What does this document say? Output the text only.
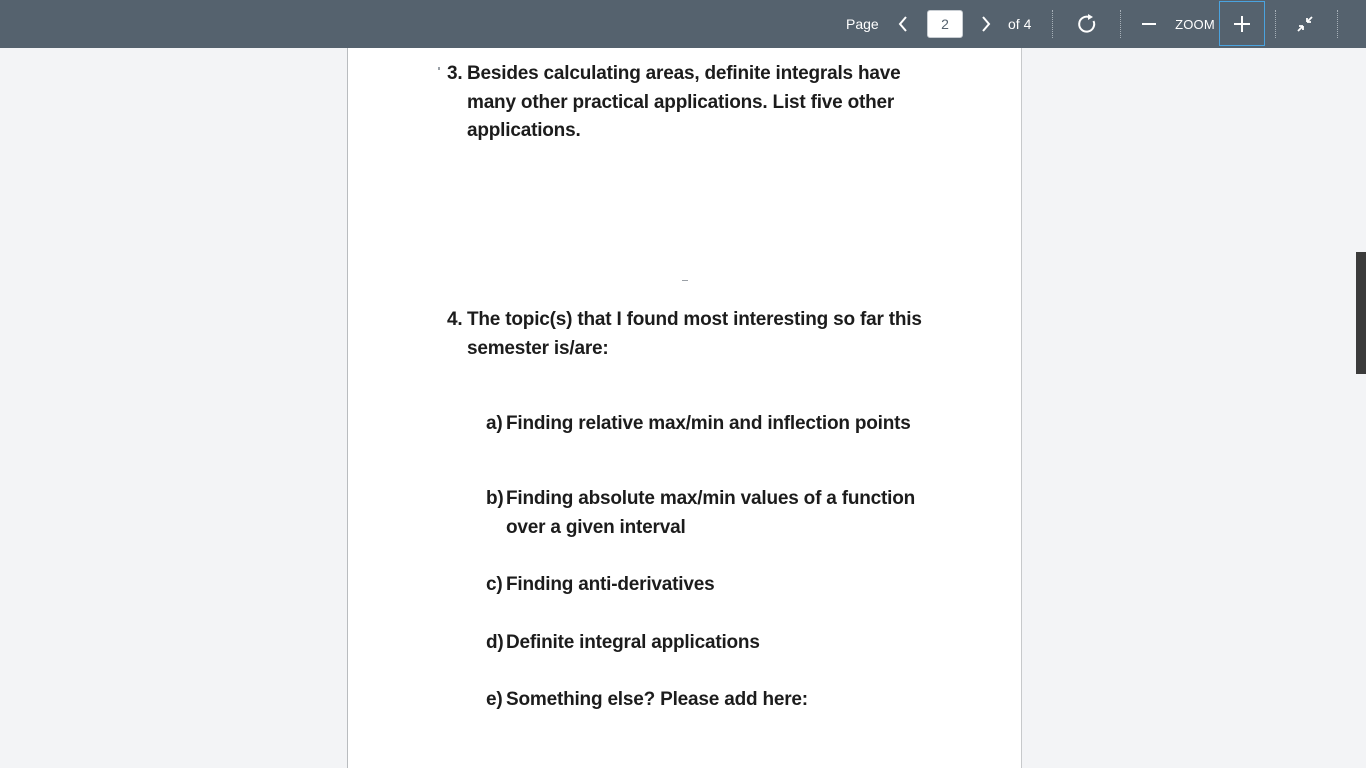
Page
2	of 4	ZOOM
3. Besides calculating areas, definite integrals have many other practical applications. List five other applications.
4. The topic(s) that I found most interesting so far this semester is/are:
a) Finding relative max/min and inflection points
b) Finding absolute max/min values of a function over a given interval
c) Finding anti-derivatives
d) Definite integral applications
e) Something else? Please add here:
